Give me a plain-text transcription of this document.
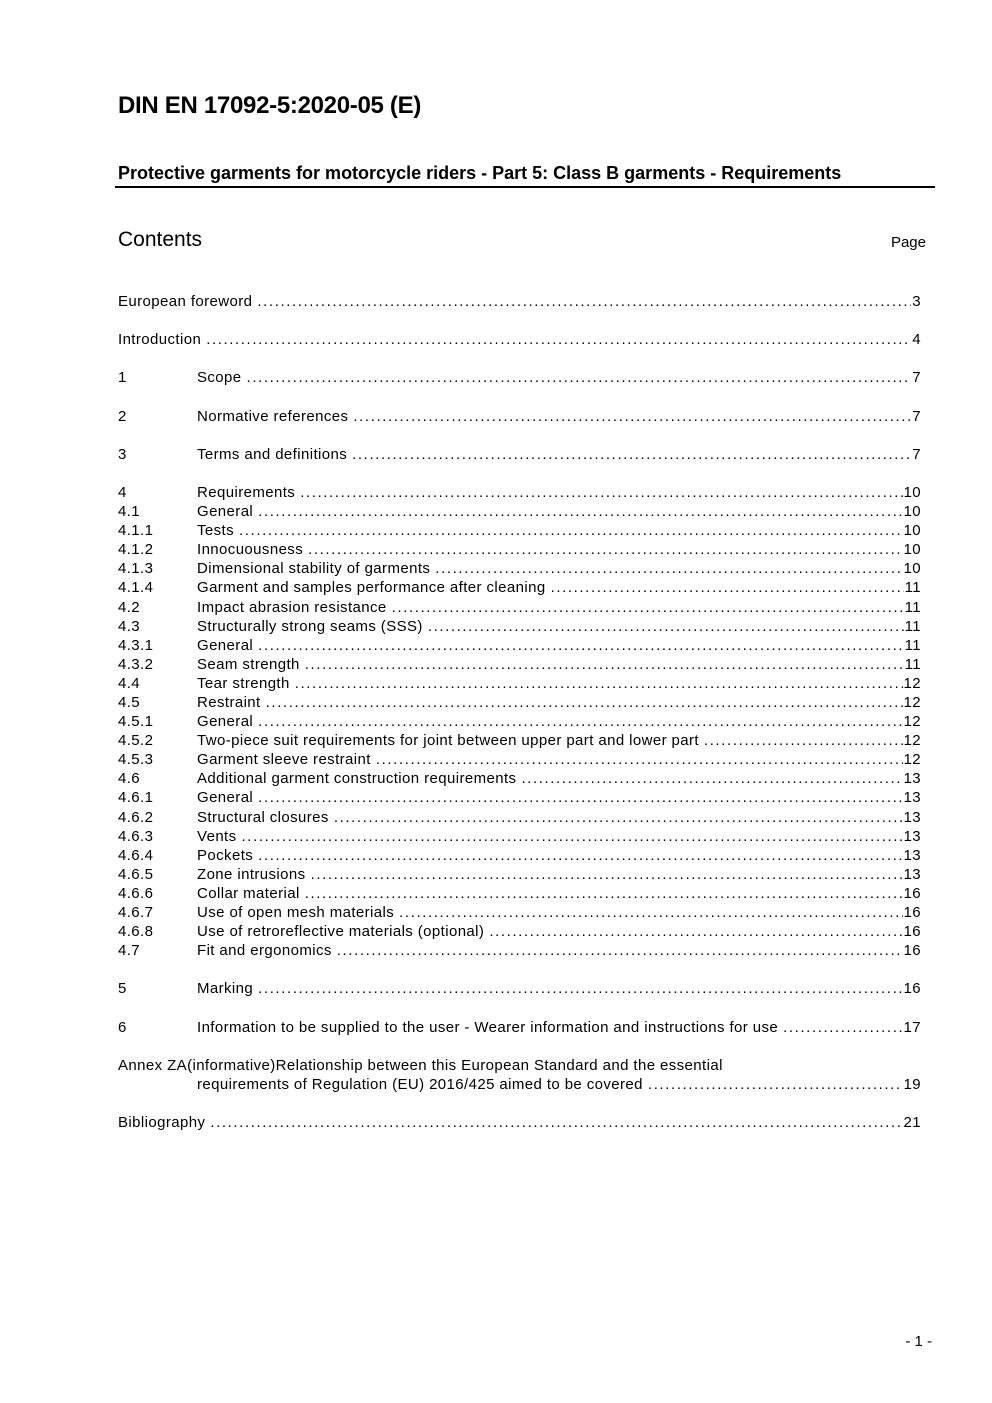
DIN EN 17092-5:2020-05 (E)
Protective garments for motorcycle riders - Part 5: Class B garments - Requirements
Contents	Page
European foreword .....	3
Introduction .....	4
1	Scope .....	7
2	Normative references .....	7
3	Terms and definitions .....	7
4	Requirements .....	10
4.1	General .....	10
4.1.1	Tests .....	10
4.1.2	Innocuousness .....	10
4.1.3	Dimensional stability of garments .....	10
4.1.4	Garment and samples performance after cleaning .....	11
4.2	Impact abrasion resistance .....	11
4.3	Structurally strong seams (SSS) .....	11
4.3.1	General .....	11
4.3.2	Seam strength .....	11
4.4	Tear strength .....	12
4.5	Restraint .....	12
4.5.1	General .....	12
4.5.2	Two-piece suit requirements for joint between upper part and lower part .....	12
4.5.3	Garment sleeve restraint .....	12
4.6	Additional garment construction requirements .....	13
4.6.1	General .....	13
4.6.2	Structural closures .....	13
4.6.3	Vents .....	13
4.6.4	Pockets .....	13
4.6.5	Zone intrusions .....	13
4.6.6	Collar material .....	16
4.6.7	Use of open mesh materials .....	16
4.6.8	Use of retroreflective materials (optional) .....	16
4.7	Fit and ergonomics .....	16
5	Marking .....	16
6	Information to be supplied to the user - Wearer information and instructions for use .....	17
Annex ZA(informative)Relationship between this European Standard and the essential
requirements of Regulation (EU) 2016/425 aimed to be covered .....	19
Bibliography .....	21
- 1 -
